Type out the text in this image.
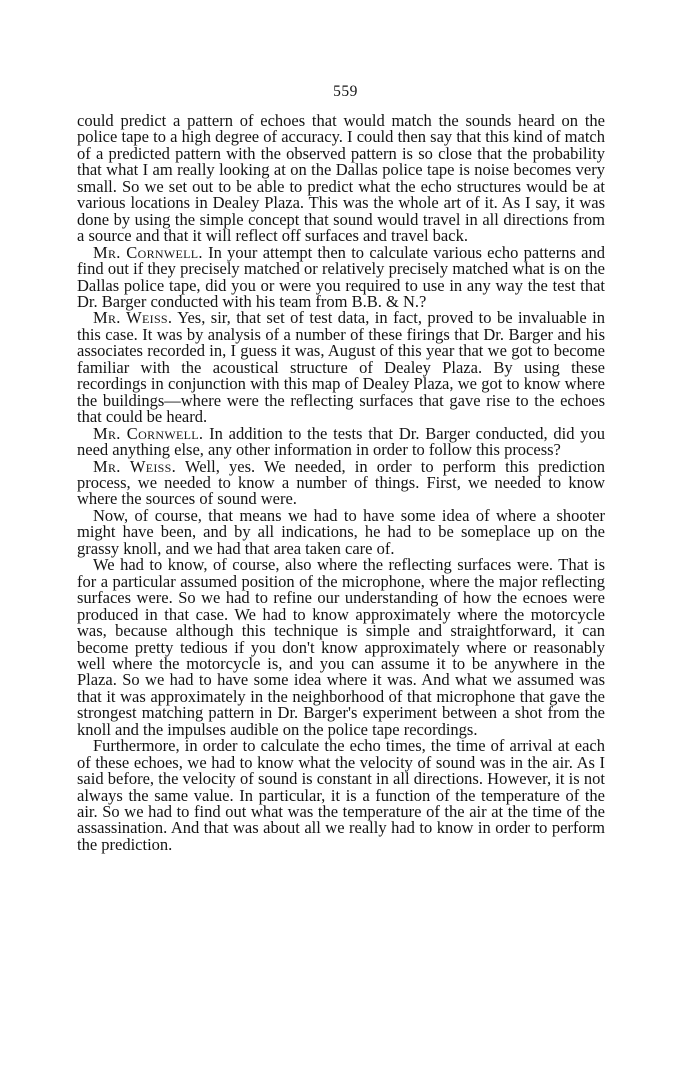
559

could predict a pattern of echoes that would match the sounds heard on the police tape to a high degree of accuracy. I could then say that this kind of match of a predicted pattern with the observed pattern is so close that the probability that what I am really looking at on the Dallas police tape is noise becomes very small. So we set out to be able to predict what the echo structures would be at various locations in Dealey Plaza. This was the whole art of it. As I say, it was done by using the simple concept that sound would travel in all directions from a source and that it will reflect off surfaces and travel back.

Mr. Cornwell. In your attempt then to calculate various echo patterns and find out if they precisely matched or relatively precisely matched what is on the Dallas police tape, did you or were you required to use in any way the test that Dr. Barger conducted with his team from B.B. & N.?

Mr. Weiss. Yes, sir, that set of test data, in fact, proved to be invaluable in this case. It was by analysis of a number of these firings that Dr. Barger and his associates recorded in, I guess it was, August of this year that we got to become familiar with the acoustical structure of Dealey Plaza. By using these recordings in conjunction with this map of Dealey Plaza, we got to know where the buildings—where were the reflecting surfaces that gave rise to the echoes that could be heard.

Mr. Cornwell. In addition to the tests that Dr. Barger conducted, did you need anything else, any other information in order to follow this process?

Mr. Weiss. Well, yes. We needed, in order to perform this prediction process, we needed to know a number of things. First, we needed to know where the sources of sound were.

Now, of course, that means we had to have some idea of where a shooter might have been, and by all indications, he had to be someplace up on the grassy knoll, and we had that area taken care of.

We had to know, of course, also where the reflecting surfaces were. That is for a particular assumed position of the microphone, where the major reflecting surfaces were. So we had to refine our understanding of how the ecnoes were produced in that case. We had to know approximately where the motorcycle was, because although this technique is simple and straightforward, it can become pretty tedious if you don't know approximately where or reasonably well where the motorcycle is, and you can assume it to be anywhere in the Plaza. So we had to have some idea where it was. And what we assumed was that it was approximately in the neighborhood of that microphone that gave the strongest matching pattern in Dr. Barger's experiment between a shot from the knoll and the impulses audible on the police tape recordings.

Furthermore, in order to calculate the echo times, the time of arrival at each of these echoes, we had to know what the velocity of sound was in the air. As I said before, the velocity of sound is constant in all directions. However, it is not always the same value. In particular, it is a function of the temperature of the air. So we had to find out what was the temperature of the air at the time of the assassination. And that was about all we really had to know in order to perform the prediction.
